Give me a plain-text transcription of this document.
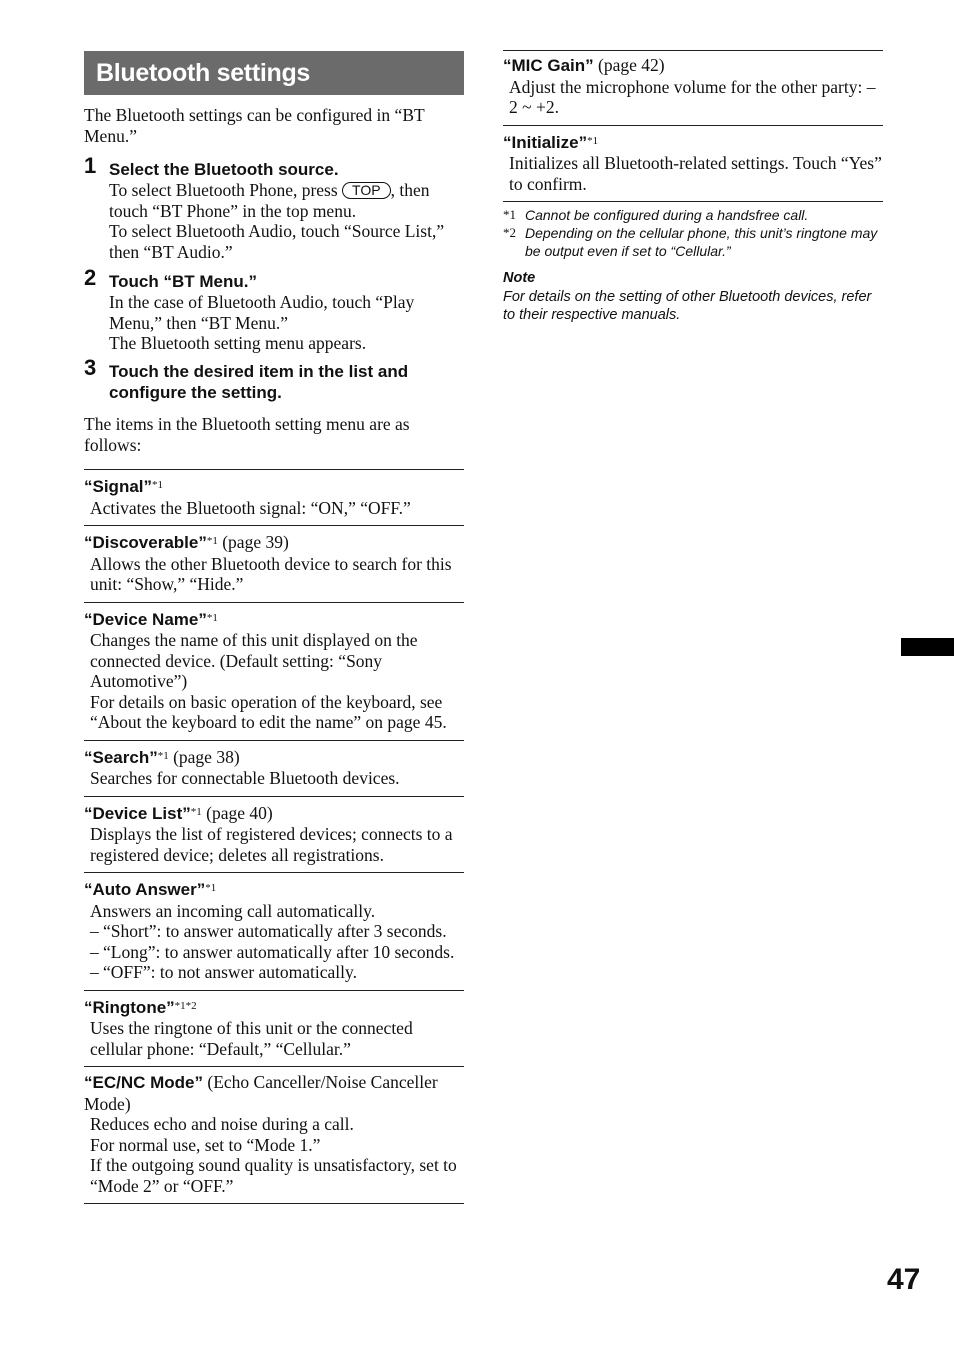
Bluetooth settings
The Bluetooth settings can be configured in “BT Menu.”
1 Select the Bluetooth source.
To select Bluetooth Phone, press TOP , then touch “BT Phone” in the top menu.
To select Bluetooth Audio, touch “Source List,” then “BT Audio.”
2 Touch “BT Menu.”
In the case of Bluetooth Audio, touch “Play Menu,” then “BT Menu.”
The Bluetooth setting menu appears.
3 Touch the desired item in the list and configure the setting.
The items in the Bluetooth setting menu are as follows:
“Signal”$^{*1}$
Activates the Bluetooth signal: “ON,” “OFF.”
“Discoverable”$^{*1}$ (page 39)
Allows the other Bluetooth device to search for this unit: “Show,” “Hide.”
“Device Name”$^{*1}$
Changes the name of this unit displayed on the connected device. (Default setting: “Sony Automotive”)
For details on basic operation of the keyboard, see “About the keyboard to edit the name” on page 45.
“Search”$^{*1}$ (page 38)
Searches for connectable Bluetooth devices.
“Device List”$^{*1}$ (page 40)
Displays the list of registered devices; connects to a registered device; deletes all registrations.
“Auto Answer”$^{*1}$
Answers an incoming call automatically.
– “Short”: to answer automatically after 3 seconds.
– “Long”: to answer automatically after 10 seconds.
– “OFF”: to not answer automatically.
“Ringtone”$^{*1*2}$
Uses the ringtone of this unit or the connected cellular phone: “Default,” “Cellular.”
“EC/NC Mode” (Echo Canceller/Noise Canceller Mode)
Reduces echo and noise during a call.
For normal use, set to “Mode 1.”
If the outgoing sound quality is unsatisfactory, set to “Mode 2” or “OFF.”
“MIC Gain” (page 42)
Adjust the microphone volume for the other party: –2 ~ +2.
“Initialize”$^{*1}$
Initializes all Bluetooth-related settings. Touch “Yes” to confirm.
*1 Cannot be configured during a handsfree call.
*2 Depending on the cellular phone, this unit’s ringtone may be output even if set to “Cellular.”
Note
For details on the setting of other Bluetooth devices, refer to their respective manuals.
47
